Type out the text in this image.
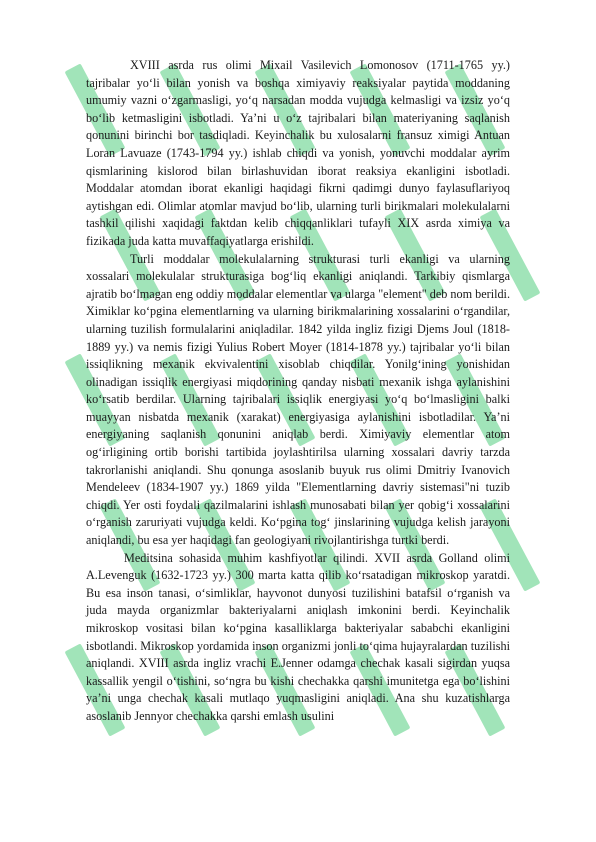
XVIII asrda rus olimi Mixail Vasilevich Lomonosov (1711-1765 yy.) tajribalar yo‘li bilan yonish va boshqa ximiyaviy reaksiyalar paytida moddaning umumiy vazni o‘zgarmasligi, yo‘q narsadan modda vujudga kelmasligi va izsiz yo‘q bo‘lib ketmasligini isbotladi. Ya’ni u o‘z tajribalari bilan materiyaning saqlanish qonunini birinchi bor tasdiqladi. Keyinchalik bu xulosalarni fransuz ximigi Antuan Loran Lavuaze (1743-1794 yy.) ishlab chiqdi va yonish, yonuvchi moddalar ayrim qismlarining kislorod bilan birlashuvidan iborat reaksiya ekanligini isbotladi. Moddalar atomdan iborat ekanligi haqidagi fikrni qadimgi dunyo faylasuflariyoq aytishgan edi. Olimlar atomlar mavjud bo‘lib, ularning turli birikmalari molekulalarni tashkil qilishi xaqidagi faktdan kelib chiqqanliklari tufayli XIX asrda ximiya va fizikada juda katta muvaffaqiyatlarga erishildi.

Turli moddalar molekulalarning strukturasi turli ekanligi va ularning xossalari molekulalar strukturasiga bog‘liq ekanligi aniqlandi. Tarkibiy qismlarga ajratib bo‘lmagan eng oddiy moddalar elementlar va ularga "element" deb nom berildi. Ximiklar ko‘pgina elementlarning va ularning birikmalarining xossalarini o‘rgandilar, ularning tuzilish formulalarini aniqladilar. 1842 yilda ingliz fizigi Djems Joul (1818-1889 yy.) va nemis fizigi Yulius Robert Moyer (1814-1878 yy.) tajribalar yo‘li bilan issiqlikning mexanik ekvivalentini xisoblab chiqdilar. Yonilg‘ining yonishidan olinadigan issiqlik energiyasi miqdorining qanday nisbati mexanik ishga aylanishini ko‘rsatib berdilar. Ularning tajribalari issiqlik energiyasi yo‘q bo‘lmasligini balki muayyan nisbatda mexanik (xarakat) energiyasiga aylanishini isbotladilar. Ya’ni energiyaning saqlanish qonunini aniqlab berdi. Ximiyaviy elementlar atom og‘irligining ortib borishi tartibida joylashtirilsa ularning xossalari davriy tarzda takrorlanishi aniqlandi. Shu qonunga asoslanib buyuk rus olimi Dmitriy Ivanovich Mendeleev (1834-1907 yy.) 1869 yilda "Elementlarning davriy sistemasi"ni tuzib chiqdi. Yer osti foydali qazilmalarini ishlash munosabati bilan yer qobig‘i xossalarini o‘rganish zaruriyati vujudga keldi. Ko‘pgina tog‘ jinslarining vujudga kelish jarayoni aniqlandi, bu esa yer haqidagi fan geologiyani rivojlantirishga turtki berdi.

Meditsina sohasida muhim kashfiyotlar qilindi. XVII asrda Golland olimi A.Levenguk (1632-1723 yy.) 300 marta katta qilib ko‘rsatadigan mikroskop yaratdi. Bu esa inson tanasi, o‘simliklar, hayvonot dunyosi tuzilishini batafsil o‘rganish va juda mayda organizmlar bakteriyalarni aniqlash imkonini berdi. Keyinchalik mikroskop vositasi bilan ko‘pgina kasalliklarga bakteriyalar sababchi ekanligini isbotlandi. Mikroskop yordamida inson organizmi jonli to‘qima hujayralardan tuzilishi aniqlandi. XVIII asrda ingliz vrachi E.Jenner odamga chechak kasali sigirdan yuqsa kassallik yengil o‘tishini, so‘ngra bu kishi chechakka qarshi imunitetga ega bo‘lishini ya’ni unga chechak kasali mutlaqo yuqmasligini aniqladi. Ana shu kuzatishlarga asoslanib Jennyor chechakka qarshi emlash usulini
